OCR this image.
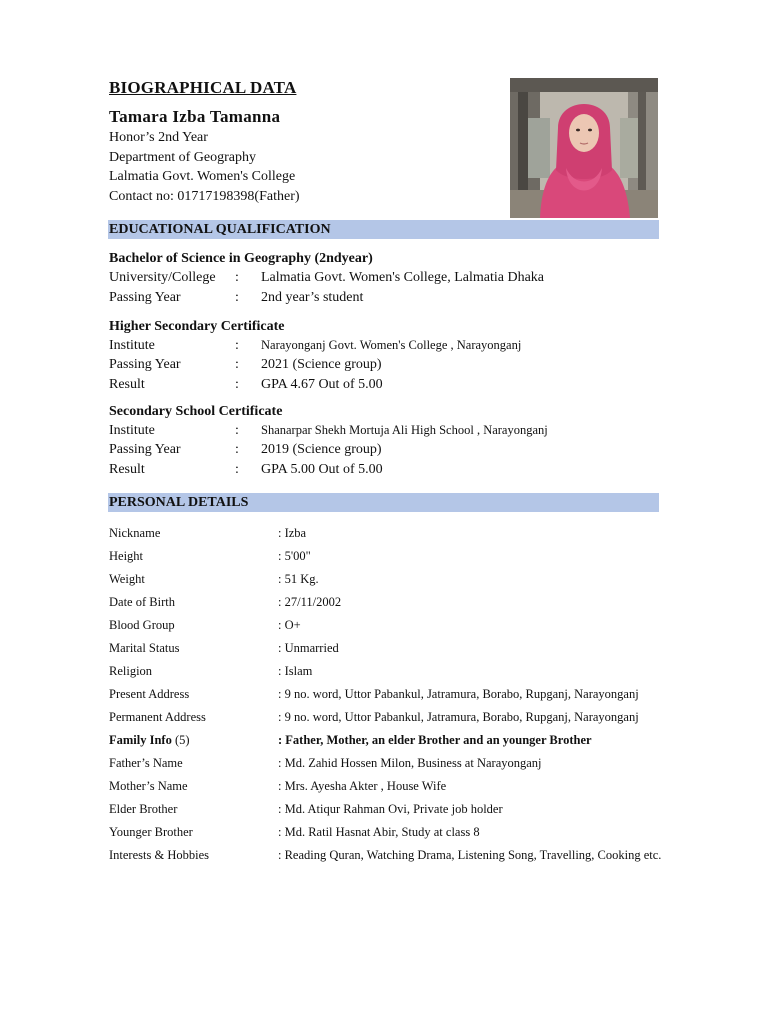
BIOGRAPHICAL DATA
Tamara Izba Tamanna
Honor’s 2nd Year
Department of Geography
Lalmatia Govt. Women's College
Contact no: 01717198398(Father)
EDUCATIONAL QUALIFICATION
Bachelor of Science in Geography (2ndyear)
University/College : Lalmatia Govt. Women's College, Lalmatia Dhaka
Passing Year	: 2nd year’s student
Higher Secondary Certificate
Institute	: Narayonganj Govt. Women's College , Narayonganj
Passing Year	: 2021 (Science group)
Result	: GPA 4.67 Out of 5.00
Secondary School Certificate
Institute	: Shanarpar Shekh Mortuja Ali High School , Narayonganj
Passing Year	: 2019 (Science group)
Result	: GPA 5.00 Out of 5.00
PERSONAL DETAILS
Nickname	: Izba
Height	: 5'00"
Weight	: 51 Kg.
Date of Birth	: 27/11/2002
Blood Group	: O+
Marital Status	: Unmarried
Religion	: Islam
Present Address	: 9 no. word, Uttor Pabankul, Jatramura, Borabo, Rupganj, Narayonganj
Permanent Address	: 9 no. word, Uttor Pabankul, Jatramura, Borabo, Rupganj, Narayonganj
Family Info (5)	: Father, Mother, an elder Brother and an younger Brother
Father’s Name	: Md. Zahid Hossen Milon, Business at Narayonganj
Mother’s Name	: Mrs. Ayesha Akter , House Wife
Elder Brother	: Md. Atiqur Rahman Ovi, Private job holder
Younger Brother	: Md. Ratil Hasnat Abir, Study at class 8
Interests & Hobbies	: Reading Quran, Watching Drama, Listening Song, Travelling, Cooking etc.
